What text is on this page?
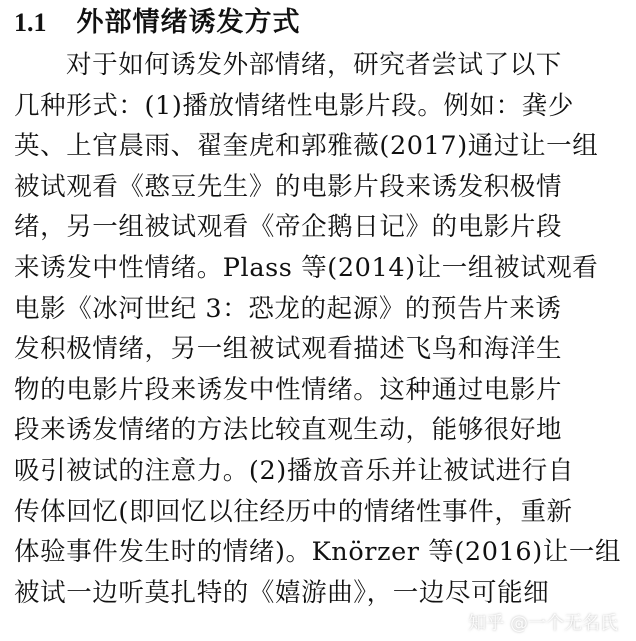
1.1 外部情绪诱发方式
对于如何诱发外部情绪，研究者尝试了以下
几种形式：(1)播放情绪性电影片段。例如：龚少
英、上官晨雨、翟奎虎和郭雅薇(2017)通过让一组
被试观看《憨豆先生》的电影片段来诱发积极情
绪，另一组被试观看《帝企鹅日记》的电影片段
来诱发中性情绪。Plass 等(2014)让一组被试观看
电影《冰河世纪 3：恐龙的起源》的预告片来诱
发积极情绪，另一组被试观看描述飞鸟和海洋生
物的电影片段来诱发中性情绪。这种通过电影片
段来诱发情绪的方法比较直观生动，能够很好地
吸引被试的注意力。(2)播放音乐并让被试进行自
传体回忆(即回忆以往经历中的情绪性事件，重新
体验事件发生时的情绪)。Knörzer 等(2016)让一组
被试一边听莫扎特的《嬉游曲》，一边尽可能细
知乎 @一个无名氏
